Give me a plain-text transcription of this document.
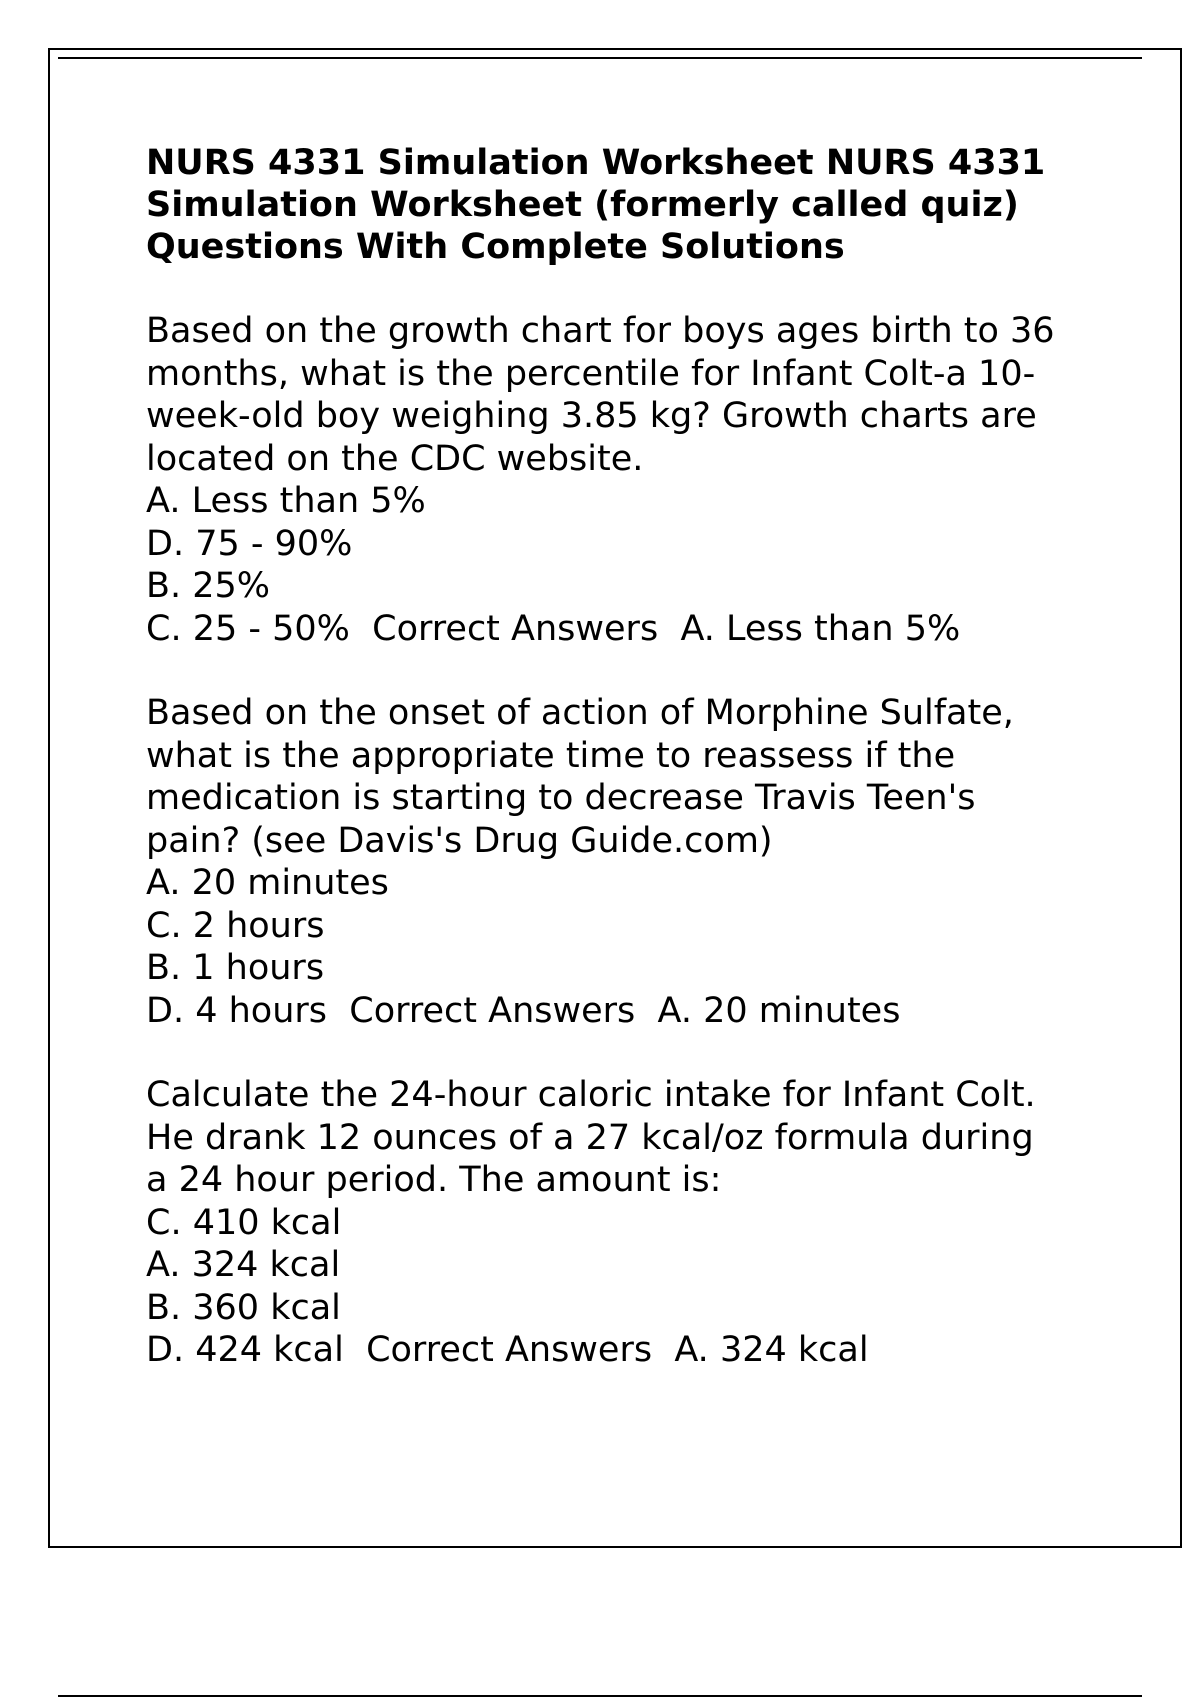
NURS 4331 Simulation Worksheet NURS 4331
Simulation Worksheet (formerly called quiz)
Questions With Complete Solutions

Based on the growth chart for boys ages birth to 36
months, what is the percentile for Infant Colt-a 10-
week-old boy weighing 3.85 kg? Growth charts are
located on the CDC website.

A. Less than 5%

D. 75 - 90%

B. 25%

C. 25 - 50%  Correct Answers  A. Less than 5%

Based on the onset of action of Morphine Sulfate,
what is the appropriate time to reassess if the
medication is starting to decrease Travis Teen's
pain? (see Davis's Drug Guide.com)

A. 20 minutes

C. 2 hours

B. 1 hours

D. 4 hours  Correct Answers  A. 20 minutes

Calculate the 24-hour caloric intake for Infant Colt.
He drank 12 ounces of a 27 kcal/oz formula during
a 24 hour period. The amount is:

C. 410 kcal

A. 324 kcal

B. 360 kcal

D. 424 kcal  Correct Answers  A. 324 kcal
